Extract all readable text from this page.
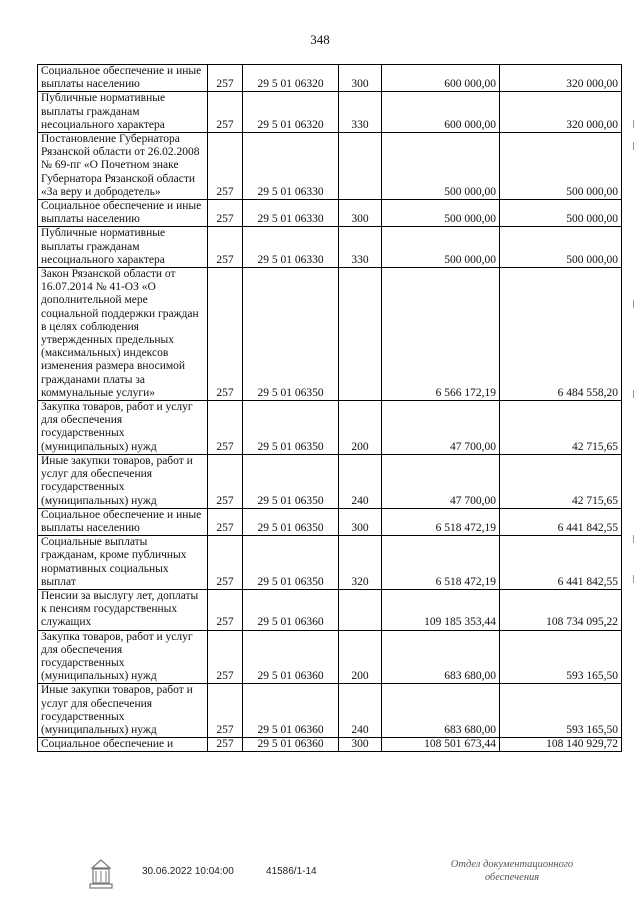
348
Социальное обеспечение и иные выплаты населению	257	29 5 01 06320	300	600 000,00	320 000,00
Публичные нормативные выплаты гражданам несоциального характера	257	29 5 01 06320	330	600 000,00	320 000,00
Постановление Губернатора Рязанской области от 26.02.2008 № 69-пг «О Почетном знаке Губернатора Рязанской области «За веру и добродетель»	257	29 5 01 06330		500 000,00	500 000,00
Социальное обеспечение и иные выплаты населению	257	29 5 01 06330	300	500 000,00	500 000,00
Публичные нормативные выплаты гражданам несоциального характера	257	29 5 01 06330	330	500 000,00	500 000,00
Закон Рязанской области от 16.07.2014 № 41-ОЗ «О дополнительной мере социальной поддержки граждан в целях соблюдения утвержденных предельных (максимальных) индексов изменения размера вносимой гражданами платы за коммунальные услуги»	257	29 5 01 06350		6 566 172,19	6 484 558,20
Закупка товаров, работ и услуг для обеспечения государственных (муниципальных) нужд	257	29 5 01 06350	200	47 700,00	42 715,65
Иные закупки товаров, работ и услуг для обеспечения государственных (муниципальных) нужд	257	29 5 01 06350	240	47 700,00	42 715,65
Социальное обеспечение и иные выплаты населению	257	29 5 01 06350	300	6 518 472,19	6 441 842,55
Социальные выплаты гражданам, кроме публичных нормативных социальных выплат	257	29 5 01 06350	320	6 518 472,19	6 441 842,55
Пенсии за выслугу лет, доплаты к пенсиям государственных служащих	257	29 5 01 06360		109 185 353,44	108 734 095,22
Закупка товаров, работ и услуг для обеспечения государственных (муниципальных) нужд	257	29 5 01 06360	200	683 680,00	593 165,50
Иные закупки товаров, работ и услуг для обеспечения государственных (муниципальных) нужд	257	29 5 01 06360	240	683 680,00	593 165,50
Социальное обеспечение и	257	29 5 01 06360	300	108 501 673,44	108 140 929,72
30.06.2022 10:04:00	41586/1-14
Отдел документационного
обеспечения
